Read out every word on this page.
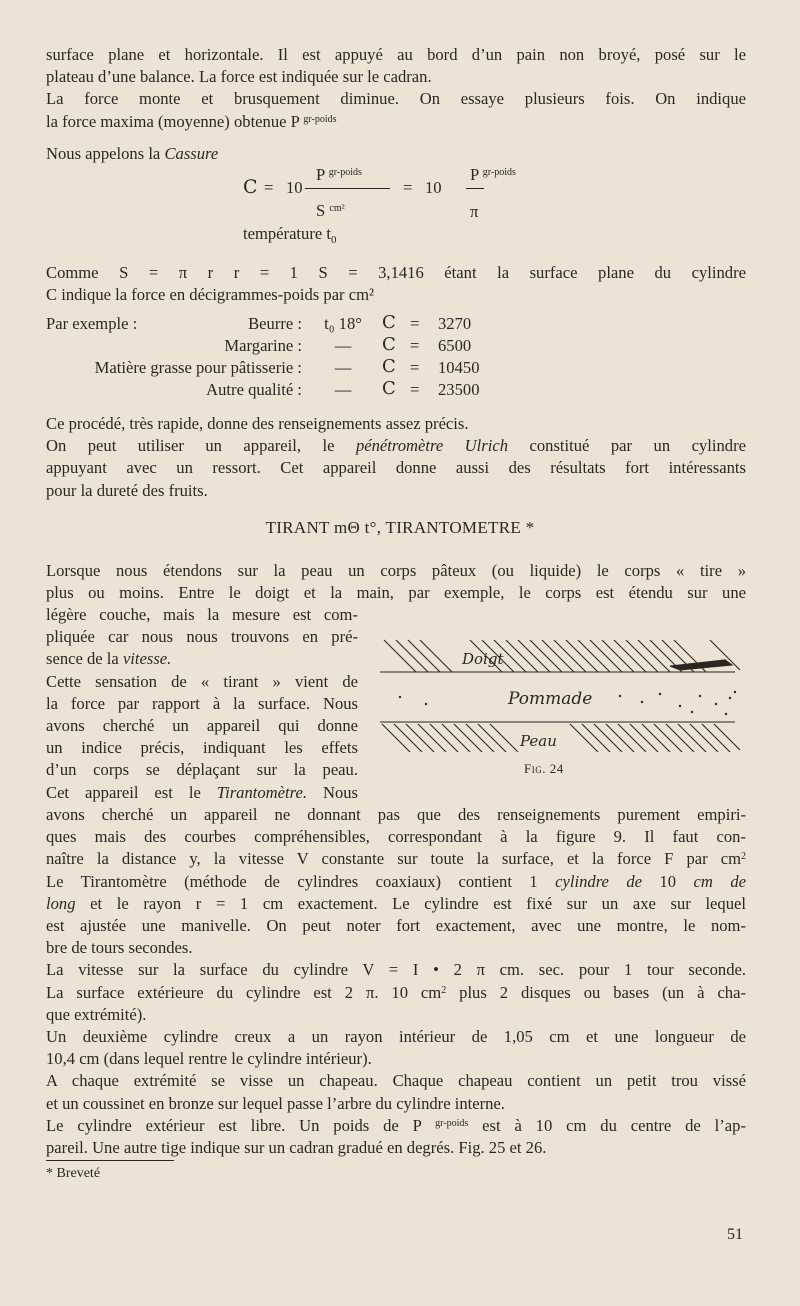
surface plane et horizontale. Il est appuyé au bord d’un pain non broyé, posé sur le
plateau d’une balance. La force est indiquée sur le cadran.
La force monte et brusquement diminue. On essaye plusieurs fois. On indique
la force maxima (moyenne) obtenue P $^{gr-poids}$
Nous appelons la Cassure
C = 10
P $^{gr-poids}$
S $^{cm^2}$
= 10
P $^{gr-poids}$
π
température $t_0$
Comme S = π r r = 1 S = 3,1416 étant la surface plane du cylindre
C indique la force en décigrammes-poids par cm²
Par exemple :	Beurre :
Margarine :
Matière grasse pour pâtisserie :
Autre qualité :
t₀ 18°
—
—
—
C
C
C
C
=
=
=
=
3270
6500
10450
23500
Ce procédé, très rapide, donne des renseignements assez précis.
On peut utiliser un appareil, le pénétromètre Ulrich constitué par un cylindre
appuyant avec un ressort. Cet appareil donne aussi des résultats fort intéressants
pour la dureté des fruits.
TIRANT mΘ t°, TIRANTOMETRE *
Lorsque nous étendons sur la peau un corps pâteux (ou liquide) le corps « tire »
plus ou moins. Entre le doigt et la main, par exemple, le corps est étendu sur une
légère couche, mais la mesure est com-
pliquée car nous nous trouvons en pré-
sence de la vitesse.
Cette sensation de « tirant » vient de
la force par rapport à la surface. Nous
avons cherché un appareil qui donne
un indice précis, indiquant les effets
d’un corps se déplaçant sur la peau.
Cet appareil est le Tirantomètre. Nous
Doigt
Pommade
Peau
Fig. 24
avons cherché un appareil ne donnant pas que des renseignements purement empiri-
ques mais des courbes compréhensibles, correspondant à la figure 9. Il faut con-
naître la distance y, la vitesse V constante sur toute la surface, et la force F par $cm^2$
Le Tirantomètre (méthode de cylindres coaxiaux) contient 1 cylindre de 10 cm de
long et le rayon r = 1 cm exactement. Le cylindre est fixé sur un axe sur lequel
est ajustée une manivelle. On peut noter fort exactement, avec une montre, le nom-
bre de tours secondes.
La vitesse sur la surface du cylindre V = I • 2 π cm. sec. pour 1 tour seconde.
La surface extérieure du cylindre est 2 π. 10 $cm^2$ plus 2 disques ou bases (un à cha-
que extrémité).
Un deuxième cylindre creux a un rayon intérieur de 1,05 cm et une longueur de
10,4 cm (dans lequel rentre le cylindre intérieur).
A chaque extrémité se visse un chapeau. Chaque chapeau contient un petit trou vissé
et un coussinet en bronze sur lequel passe l’arbre du cylindre interne.
Le cylindre extérieur est libre. Un poids de P $^{gr-poids}$ est à 10 cm du centre de l’ap-
pareil. Une autre tige indique sur un cadran gradué en degrés. Fig. 25 et 26.
* Breveté
51
